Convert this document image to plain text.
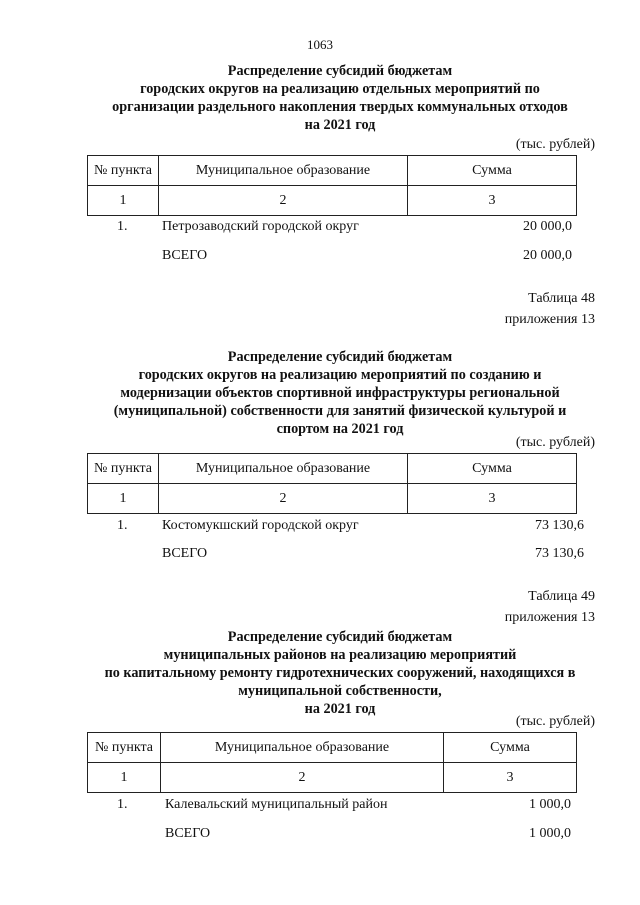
1063
Распределение субсидий бюджетам
городских округов на реализацию отдельных мероприятий по
организации раздельного накопления твердых коммунальных отходов
на 2021 год
(тыс. рублей)
№ пункта	Муниципальное образование	Сумма
1	2	3
1. Петрозаводский городской округ	20 000,0
ВСЕГО	20 000,0
Таблица 48
приложения 13
Распределение субсидий бюджетам
городских округов на реализацию мероприятий по созданию и
модернизации объектов спортивной инфраструктуры региональной
(муниципальной) собственности для занятий физической культурой и
спортом на 2021 год
(тыс. рублей)
№ пункта	Муниципальное образование	Сумма
1	2	3
1. Костомукшский городской округ	73 130,6
ВСЕГО	73 130,6
Таблица 49
приложения 13
Распределение субсидий бюджетам
муниципальных районов на реализацию мероприятий
по капитальному ремонту гидротехнических сооружений, находящихся в
муниципальной собственности,
на 2021 год
(тыс. рублей)
№ пункта	Муниципальное образование	Сумма
1	2	3
1.	Калевальский муниципальный район	1 000,0
ВСЕГО	1 000,0
